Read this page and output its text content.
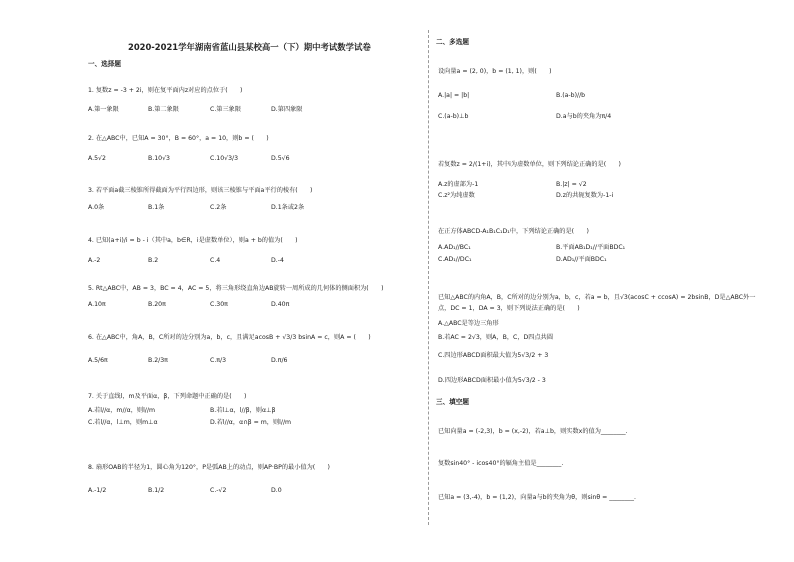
2020-2021学年湖南省蓝山县某校高一（下）期中考试数学试卷
一、选择题
1. 复数z = -3 + 2i，则在复平面内z对应的点位于(　　)
A.第一象限	B.第二象限	C.第三象限	D.第四象限
2. 在△ABC中，已知A = 30°，B = 60°，a = 10，则b = (　　)
A.5√2	B.10√3	C.10√3/3	D.5√6
3. 若平面a截三棱锥所得截面为平行四边形，则该三棱锥与平面a平行的棱有(　　)
A.0条	B.1条	C.2条	D.1条或2条
4. 已知(a+i)/i = b - i（其中a，b∈R，i是虚数单位），则a + b的值为(　　)
A.-2	B.2	C.4	D.-4
5. Rt△ABC中，AB = 3，BC = 4，AC = 5，将三角形绕直角边AB旋转一周所成的几何体的侧面积为(　　)
A.10π	B.20π	C.30π	D.40π
6. 在△ABC中，角A，B，C所对的边分别为a，b，c，且满足acosB + √3/3 bsinA = c，则A = (　　)
A.5/6π	B.2/3π	C.π/3	D.π/6
7. 关于直线l，m及平面α，β，下列命题中正确的是(　　)
A.若l//α，m//α，则l//m	B.若l⊥α，l//β，则α⊥β
C.若l//α，l⊥m，则m⊥α	D.若l//α，α∩β = m，则l//m
8. 扇形OAB的半径为1，圆心角为120°，P是弧AB上的动点，则AP·BP的最小值为(　　)
A.-1/2	B.1/2	C.-√2	D.0
二、多选题
设向量a = (2, 0)，b = (1, 1)，则(　　)
A.|a| = |b|	B.(a-b)//b
C.(a-b)⊥b	D.a与b的夹角为π/4
若复数z = 2/(1+i)，其中i为虚数单位，则下列结论正确的是(　　)
A.z的虚部为-1	B.|z| = √2
C.z²为纯虚数	D.z的共轭复数为-1-i
在正方体ABCD-A₁B₁C₁D₁中，下列结论正确的是(　　)
A.AD₁//BC₁	B.平面AB₁D₁//平面BDC₁
C.AD₁//DC₁	D.AD₁//平面BDC₁
已知△ABC的内角A，B，C所对的边分别为a，b，c，若a = b，且√3(acosC + ccosA) = 2bsinB，D是△ABC外一
点，DC = 1，DA = 3，则下列说法正确的是(　　)
A.△ABC是等边三角形
B.若AC = 2√3，则A，B，C，D四点共圆
C.四边形ABCD面积最大值为5√3/2 + 3
D.四边形ABCD面积最小值为5√3/2 - 3
三、填空题
已知向量a = (-2,3)，b = (x,-2)，若a⊥b，则实数x的值为________.
复数sin40° - icos40°的辐角主值是________.
已知a = (3,-4)，b = (1,2)，向量a与b的夹角为θ，则sinθ = ________.
